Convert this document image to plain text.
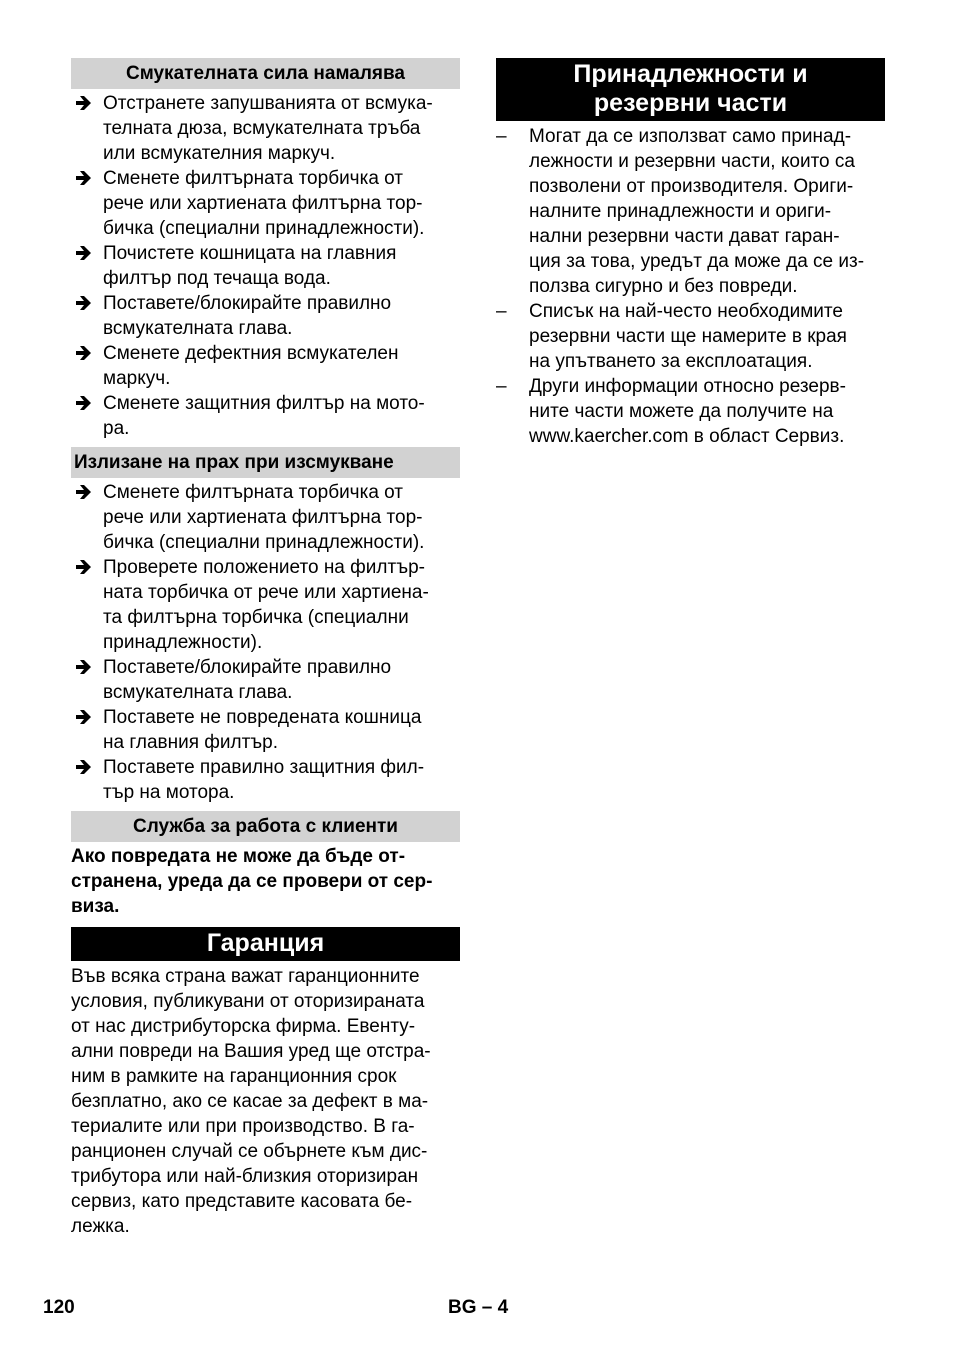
Смукателната сила намалява
Отстранете запушванията от всмука-
телната дюза, всмукателната тръба
или всмукателния маркуч.
Сменете филтърната торбичка от
рече или хартиената филтърна тор-
бичка (специални принадлежности).
Почистете кошницата на главния
филтър под течаща вода.
Поставете/блокирайте правилно
всмукателната глава.
Сменете дефектния всмукателен
маркуч.
Сменете защитния филтър на мото-
ра.
Излизане на прах при изсмукване
Сменете филтърната торбичка от
рече или хартиената филтърна тор-
бичка (специални принадлежности).
Проверете положението на филтър-
ната торбичка от рече или хартиена-
та филтърна торбичка (специални
принадлежности).
Поставете/блокирайте правилно
всмукателната глава.
Поставете не повредената кошница
на главния филтър.
Поставете правилно защитния фил-
тър на мотора.
Служба за работа с клиенти
Ако повредата не може да бъде от-
странена, уреда да се провери от сер-
виза.
Гаранция
Във всяка страна важат гаранционните
условия, публикувани от оторизираната
от нас дистрибуторска фирма. Евенту-
ални повреди на Вашия уред ще отстра-
ним в рамките на гаранционния срок
безплатно, ако се касае за дефект в ма-
териалите или при производство. В га-
ранционен случай се обърнете към дис-
трибутора или най-близкия оторизиран
сервиз, като представите касовата бе-
лежка.
Принадлежности и
резервни части
– Могат да се използват само принад-
лежности и резервни части, които са
позволени от производителя. Ориги-
налните принадлежности и ориги-
нални резервни части дават гаран-
ция за това, уредът да може да се из-
ползва сигурно и без повреди.
– Списък на най-често необходимите
резервни части ще намерите в края
на упътването за експлоатация.
– Други информации относно резерв-
ните части можете да получите на
www.kaercher.com в област Сервиз.
120	BG – 4
